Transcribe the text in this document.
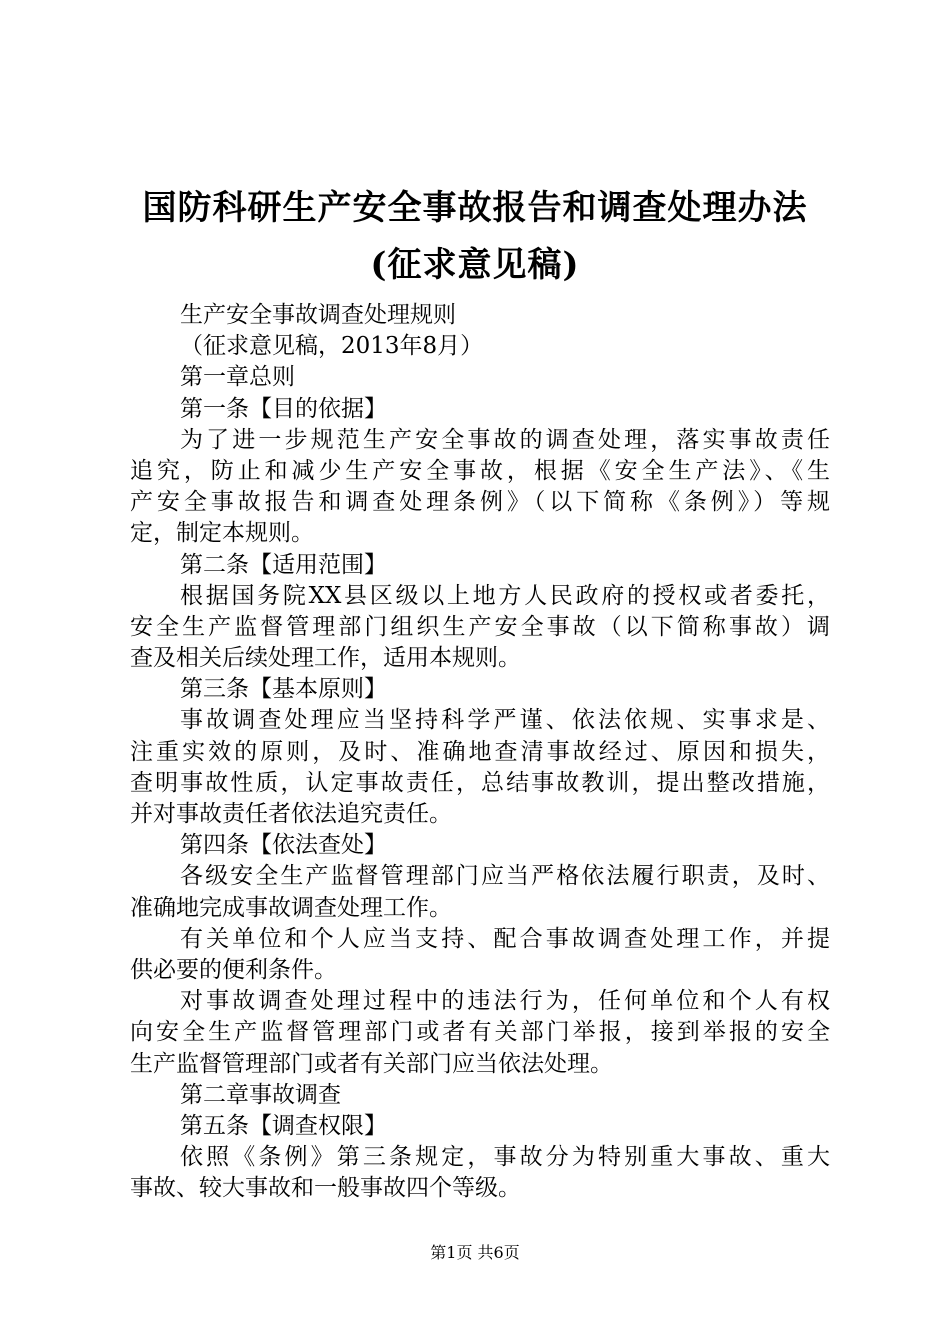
国防科研生产安全事故报告和调查处理办法
(征求意见稿)
生产安全事故调查处理规则
（征求意见稿，2013年8月）
第一章总则
第一条【目的依据】
为了进一步规范生产安全事故的调查处理，落实事故责任
追究，防止和减少生产安全事故，根据《安全生产法》、《生
产安全事故报告和调查处理条例》（以下简称《条例》）等规
定，制定本规则。
第二条【适用范围】
根据国务院XX县区级以上地方人民政府的授权或者委托，
安全生产监督管理部门组织生产安全事故（以下简称事故）调
查及相关后续处理工作，适用本规则。
第三条【基本原则】
事故调查处理应当坚持科学严谨、依法依规、实事求是、
注重实效的原则，及时、准确地查清事故经过、原因和损失，
查明事故性质，认定事故责任，总结事故教训，提出整改措施，
并对事故责任者依法追究责任。
第四条【依法查处】
各级安全生产监督管理部门应当严格依法履行职责，及时、
准确地完成事故调查处理工作。
有关单位和个人应当支持、配合事故调查处理工作，并提
供必要的便利条件。
对事故调查处理过程中的违法行为，任何单位和个人有权
向安全生产监督管理部门或者有关部门举报，接到举报的安全
生产监督管理部门或者有关部门应当依法处理。
第二章事故调查
第五条【调查权限】
依照《条例》第三条规定，事故分为特别重大事故、重大
事故、较大事故和一般事故四个等级。
第1页 共6页
